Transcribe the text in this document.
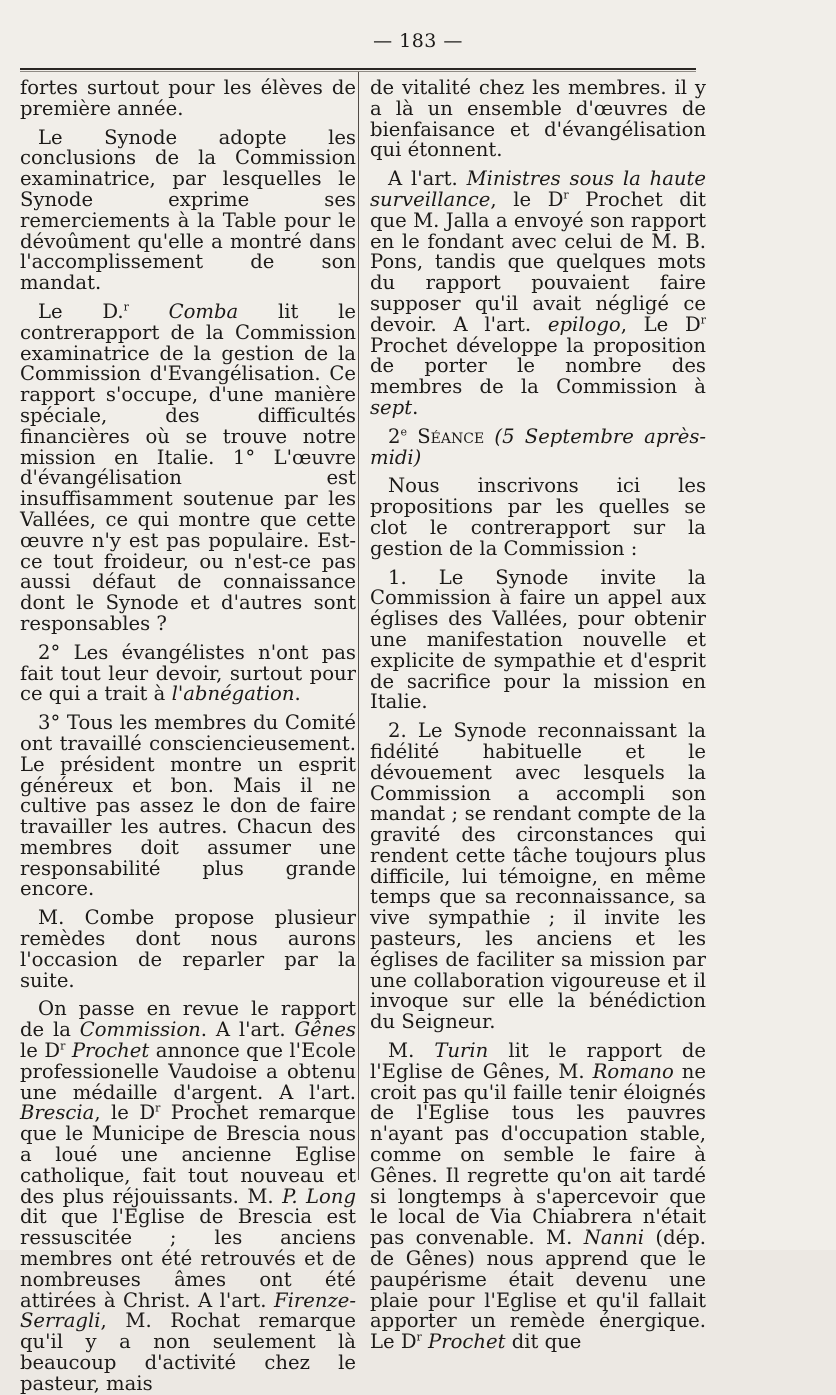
— 183 —

fortes surtout pour les élèves de première année.

Le Synode adopte les conclusions de la Commission examinatrice, par lesquelles le Synode exprime ses remerciements à la Table pour le dévoûment qu'elle a montré dans l'accomplissement de son mandat.

Le D.$^r$ Comba lit le contrerapport de la Commission examinatrice de la gestion de la Commission d'Evangélisation. Ce rapport s'occupe, d'une manière spéciale, des difficultés financières où se trouve notre mission en Italie. 1° L'œuvre d'évangélisation est insuffisamment soutenue par les Vallées, ce qui montre que cette œuvre n'y est pas populaire. Est-ce tout froideur, ou n'est-ce pas aussi défaut de connaissance dont le Synode et d'autres sont responsables ?

2° Les évangélistes n'ont pas fait tout leur devoir, surtout pour ce qui a trait à l'abnégation.

3° Tous les membres du Comité ont travaillé consciencieusement. Le président montre un esprit généreux et bon. Mais il ne cultive pas assez le don de faire travailler les autres. Chacun des membres doit assumer une responsabilité plus grande encore.

M. Combe propose plusieur remèdes dont nous aurons l'occasion de reparler par la suite.

On passe en revue le rapport de la Commission. A l'art. Gênes le $D^r$ Prochet annonce que l'Ecole professionelle Vaudoise a obtenu une médaille d'argent. A l'art. Brescia, le $D^r$ Prochet remarque que le Municipe de Brescia nous a loué une ancienne Eglise catholique, fait tout nouveau et des plus réjouissants. M. P. Long dit que l'Eglise de Brescia est ressuscitée ; les anciens membres ont été retrouvés et de nombreuses âmes ont été attirées à Christ. A l'art. Firenze-Serragli, M. Rochat remarque qu'il y a non seulement là beaucoup d'activité chez le pasteur, mais

de vitalité chez les membres. il y a là un ensemble d'œuvres de bienfaisance et d'évangélisation qui étonnent.

A l'art. Ministres sous la haute surveillance, le $D^r$ Prochet dit que M. Jalla a envoyé son rapport en le fondant avec celui de M. B. Pons, tandis que quelques mots du rapport pouvaient faire supposer qu'il avait négligé ce devoir. A l'art. epilogo, Le $D^r$ Prochet développe la proposition de porter le nombre des membres de la Commission à sept.

2e Séance (5 Septembre après-midi)

Nous inscrivons ici les propositions par les quelles se clot le contrerapport sur la gestion de la Commission :

1. Le Synode invite la Commission à faire un appel aux églises des Vallées, pour obtenir une manifestation nouvelle et explicite de sympathie et d'esprit de sacrifice pour la mission en Italie.

2. Le Synode reconnaissant la fidélité habituelle et le dévouement avec lesquels la Commission a accompli son mandat ; se rendant compte de la gravité des circonstances qui rendent cette tâche toujours plus difficile, lui témoigne, en même temps que sa reconnaissance, sa vive sympathie ; il invite les pasteurs, les anciens et les églises de faciliter sa mission par une collaboration vigoureuse et il invoque sur elle la bénédiction du Seigneur.

M. Turin lit le rapport de l'Eglise de Gênes, M. Romano ne croit pas qu'il faille tenir éloignés de l'Eglise tous les pauvres n'ayant pas d'occupation stable, comme on semble le faire à Gênes. Il regrette qu'on ait tardé si longtemps à s'apercevoir que le local de Via Chiabrera n'était pas convenable. M. Nanni (dép. de Gênes) nous apprend que le paupérisme était devenu une plaie pour l'Eglise et qu'il fallait apporter un remède énergique. Le $D^r$ Prochet dit que
